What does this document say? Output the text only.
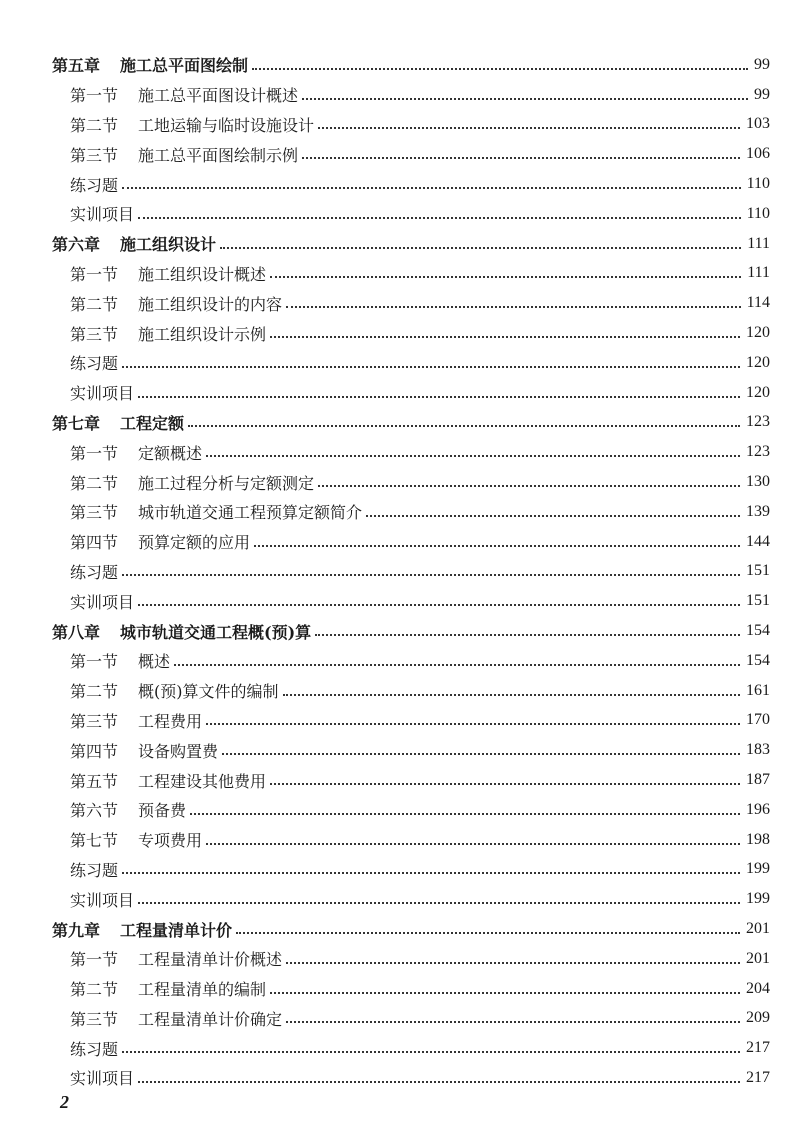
第五章 施工总平面图绘制	99
第一节 施工总平面图设计概述	99
第二节 工地运输与临时设施设计	103
第三节 施工总平面图绘制示例	106
练习题	110
实训项目	110
第六章 施工组织设计	111
第一节 施工组织设计概述	111
第二节 施工组织设计的内容	114
第三节 施工组织设计示例	120
练习题	120
实训项目	120
第七章 工程定额	123
第一节 定额概述	123
第二节 施工过程分析与定额测定	130
第三节 城市轨道交通工程预算定额简介	139
第四节 预算定额的应用	144
练习题	151
实训项目	151
第八章 城市轨道交通工程概(预)算	154
第一节 概述	154
第二节 概(预)算文件的编制	161
第三节 工程费用	170
第四节 设备购置费	183
第五节 工程建设其他费用	187
第六节 预备费	196
第七节 专项费用	198
练习题	199
实训项目	199
第九章 工程量清单计价	201
第一节 工程量清单计价概述	201
第二节 工程量清单的编制	204
第三节 工程量清单计价确定	209
练习题	217
实训项目	217
2
